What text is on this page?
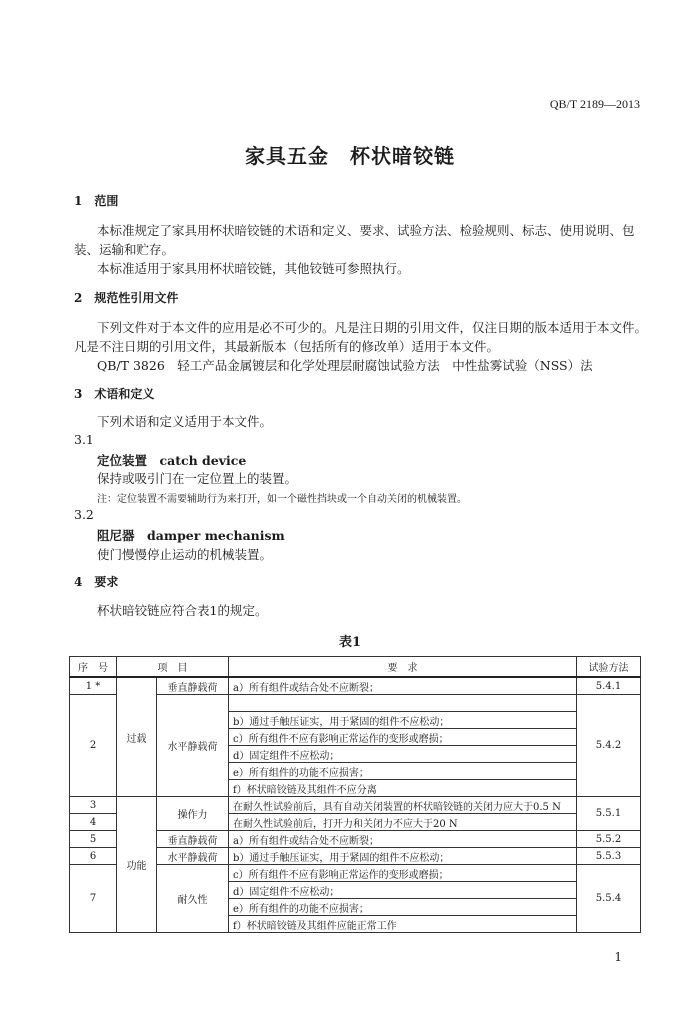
QB/T 2189—2013
家具五金　杯状暗铰链
1　范围
本标准规定了家具用杯状暗铰链的术语和定义、要求、试验方法、检验规则、标志、使用说明、包
装、运输和贮存。
本标准适用于家具用杯状暗铰链，其他铰链可参照执行。
2　规范性引用文件
下列文件对于本文件的应用是必不可少的。凡是注日期的引用文件，仅注日期的版本适用于本文件。
凡是不注日期的引用文件，其最新版本（包括所有的修改单）适用于本文件。
QB/T 3826　轻工产品金属镀层和化学处理层耐腐蚀试验方法　中性盐雾试验（NSS）法
3　术语和定义
下列术语和定义适用于本文件。
3.1
定位装置　catch device
保持或吸引门在一定位置上的装置。
注：定位装置不需要辅助行为来打开，如一个磁性挡块或一个自动关闭的机械装置。
3.2
阻尼器　damper mechanism
使门慢慢停止运动的机械装置。
4　要求
杯状暗铰链应符合表1的规定。
表1
序　号	项　目		要　求	试验方法
1 *	过载	垂直静载荷	a）所有组件或结合处不应断裂；	5.4.1
2		水平静载荷		5.4.2
			b）通过手触压证实，用于紧固的组件不应松动；	
			c）所有组件不应有影响正常运作的变形或磨损；	
			d）固定组件不应松动；	
			e）所有组件的功能不应损害；	
			f）杯状暗铰链及其组件不应分离	
3	功能	操作力	在耐久性试验前后，具有自动关闭装置的杯状暗铰链的关闭力应大于0.5 N	5.5.1
4			在耐久性试验前后，打开力和关闭力不应大于20 N	
5		垂直静载荷	a）所有组件或结合处不应断裂；	5.5.2
6		水平静载荷	b）通过手触压证实，用于紧固的组件不应松动；	5.5.3
7		耐久性	c）所有组件不应有影响正常运作的变形或磨损；	5.5.4
			d）固定组件不应松动；	
			e）所有组件的功能不应损害；	
			f）杯状暗铰链及其组件应能正常工作	
1
